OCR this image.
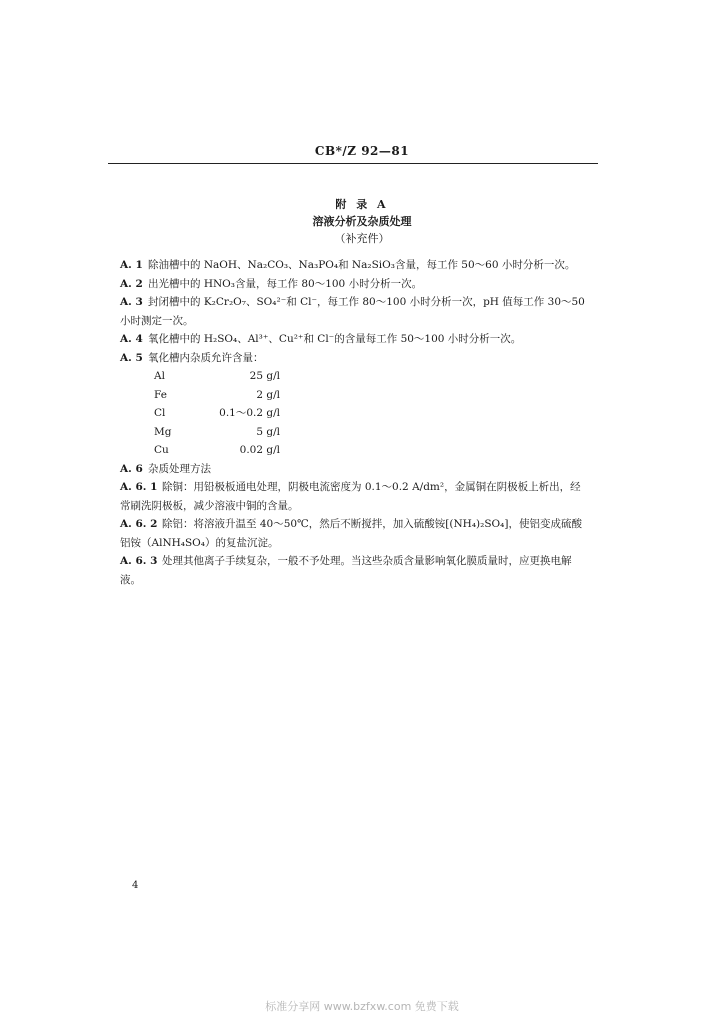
CB*/Z 92—81
附 录 A
溶液分析及杂质处理
（补充件）

A. 1 除油槽中的 NaOH、Na₂CO₃、Na₃PO₄和 Na₂SiO₃含量，每工作 50～60 小时分析一次。

A. 2 出光槽中的 HNO₃含量，每工作 80～100 小时分析一次。

A. 3 封闭槽中的 K₂Cr₂O₇、SO₄²⁻和 Cl⁻，每工作 80～100 小时分析一次，pH 值每工作 30～50 小时测定一次。

A. 4 氧化槽中的 H₂SO₄、Al³⁺、Cu²⁺和 Cl⁻的含量每工作 50～100 小时分析一次。

A. 5 氧化槽内杂质允许含量：

Al	25 g/l
Fe	2 g/l
Cl	0.1～0.2 g/l
Mg	5 g/l
Cu	0.02 g/l

A. 6 杂质处理方法

A. 6. 1 除铜：用铅极板通电处理，阴极电流密度为 0.1～0.2 A/dm²，金属铜在阴极板上析出，经常刷洗阴极板，减少溶液中铜的含量。

A. 6. 2 除铝：将溶液升温至 40～50℃，然后不断搅拌，加入硫酸铵[(NH₄)₂SO₄]，使铝变成硫酸铝铵（AlNH₄SO₄）的复盐沉淀。

A. 6. 3 处理其他离子手续复杂，一般不予处理。当这些杂质含量影响氧化膜质量时，应更换电解液。

4
标准分享网 www.bzfxw.com 免费下载
